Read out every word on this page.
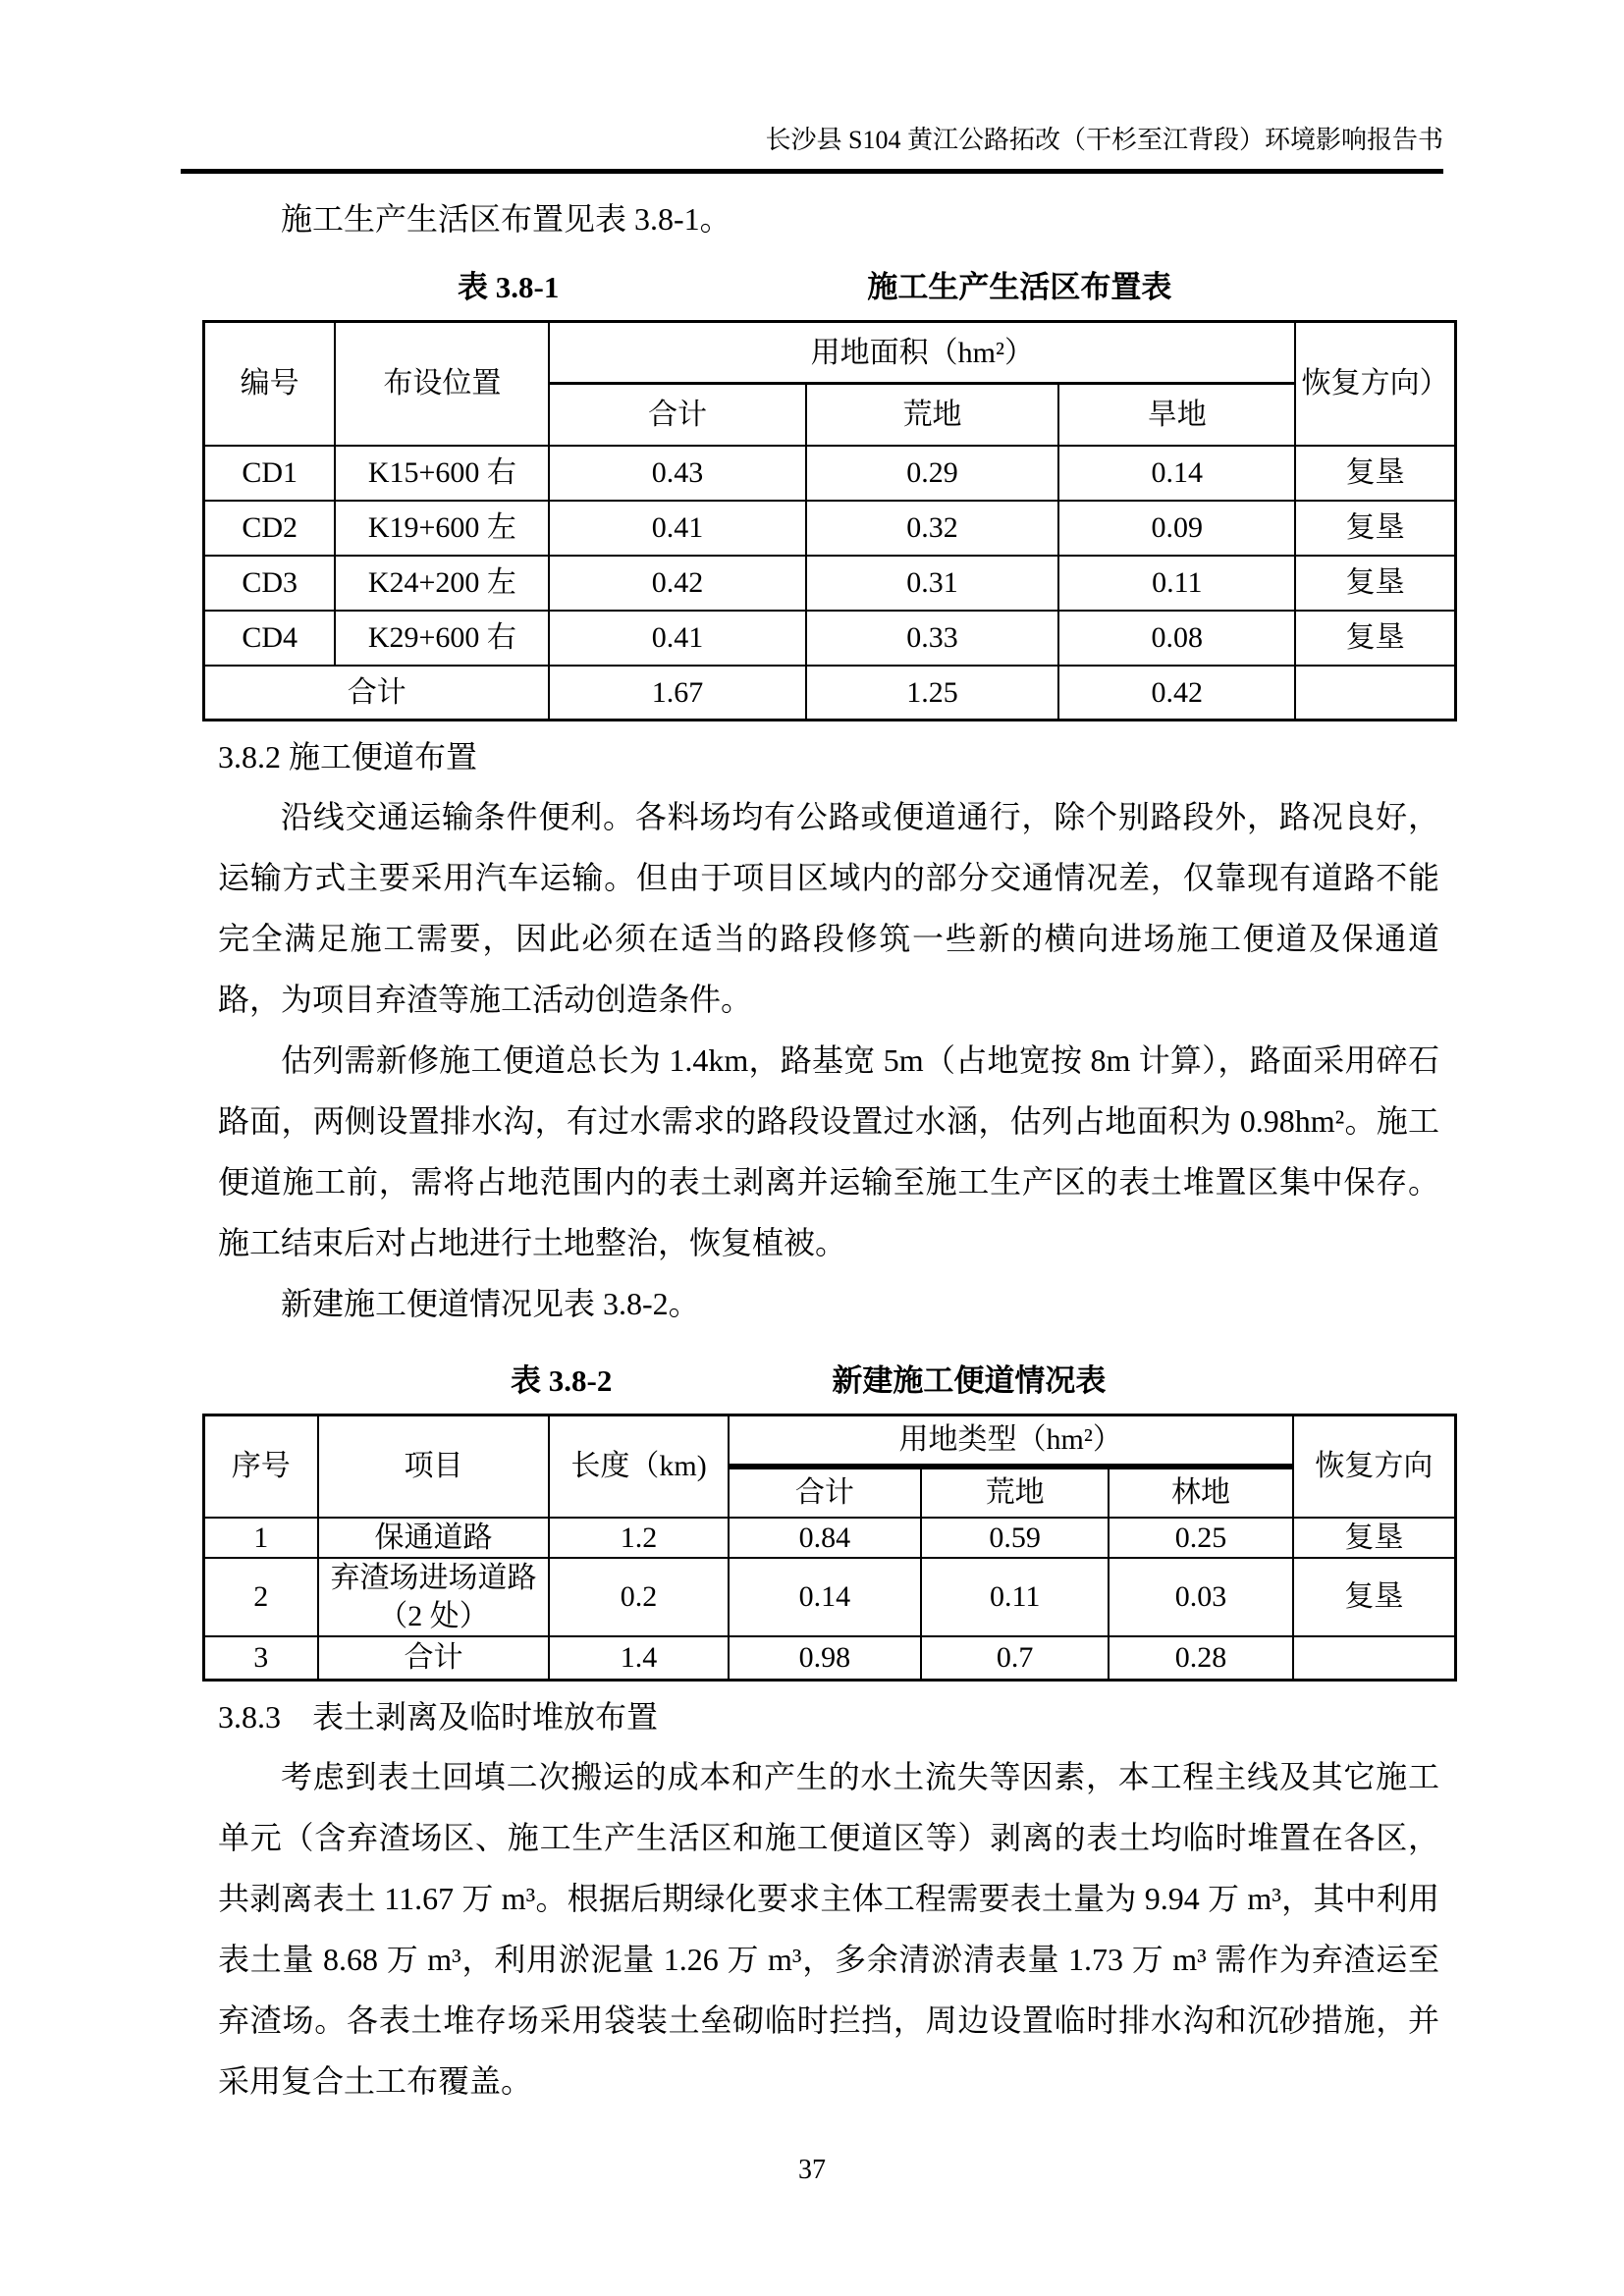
长沙县 S104 黄江公路拓改（干杉至江背段）环境影响报告书

施工生产生活区布置见表 3.8-1。

表 3.8-1	施工生产生活区布置表
编号	布设位置	用地面积（hm²）			恢复方向）
		合计	荒地	旱地	
CD1	K15+600 右	0.43	0.29	0.14	复垦
CD2	K19+600 左	0.41	0.32	0.09	复垦
CD3	K24+200 左	0.42	0.31	0.11	复垦
CD4	K29+600 右	0.41	0.33	0.08	复垦
合计		1.67	1.25	0.42	
3.8.2 施工便道布置

沿线交通运输条件便利。各料场均有公路或便道通行，除个别路段外，路况良好，运输方式主要采用汽车运输。但由于项目区域内的部分交通情况差，仅靠现有道路不能完全满足施工需要，因此必须在适当的路段修筑一些新的横向进场施工便道及保通道路，为项目弃渣等施工活动创造条件。

估列需新修施工便道总长为 1.4km，路基宽 5m（占地宽按 8m 计算），路面采用碎石路面，两侧设置排水沟，有过水需求的路段设置过水涵，估列占地面积为 0.98hm²。施工便道施工前，需将占地范围内的表土剥离并运输至施工生产区的表土堆置区集中保存。施工结束后对占地进行土地整治，恢复植被。

新建施工便道情况见表 3.8-2。

表 3.8-2	新建施工便道情况表
序号	项目	长度（km)	用地类型（hm²）			恢复方向
			合计	荒地	林地	
1	保通道路	1.2	0.84	0.59	0.25	复垦
2	弃渣场进场道路（2 处）	0.2	0.14	0.11	0.03	复垦
3	合计	1.4	0.98	0.7	0.28	
3.8.3　表土剥离及临时堆放布置

考虑到表土回填二次搬运的成本和产生的水土流失等因素，本工程主线及其它施工单元（含弃渣场区、施工生产生活区和施工便道区等）剥离的表土均临时堆置在各区，共剥离表土 11.67 万 m³。根据后期绿化要求主体工程需要表土量为 9.94 万 m³，其中利用表土量 8.68 万 m³，利用淤泥量 1.26 万 m³，多余清淤清表量 1.73 万 m³ 需作为弃渣运至弃渣场。各表土堆存场采用袋装土垒砌临时拦挡，周边设置临时排水沟和沉砂措施，并采用复合土工布覆盖。

37
